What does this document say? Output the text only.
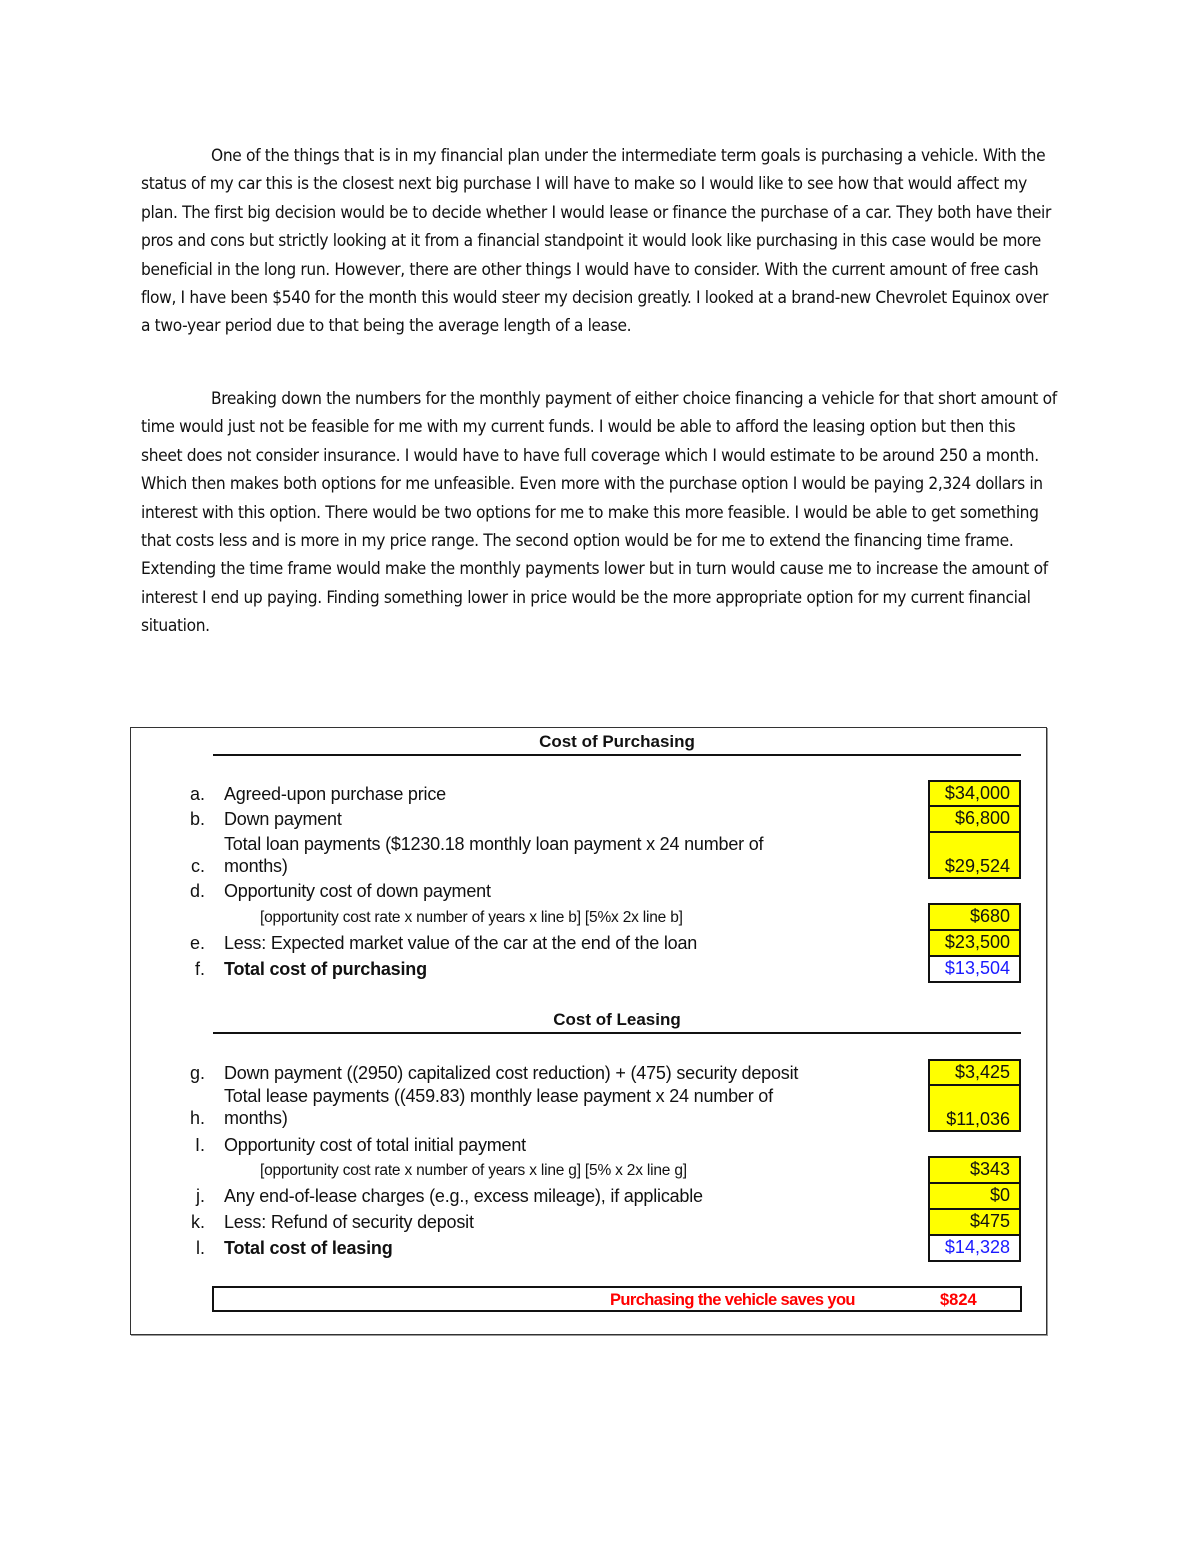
One of the things that is in my financial plan under the intermediate term goals is purchasing a vehicle. With the status of my car this is the closest next big purchase I will have to make so I would like to see how that would affect my plan. The first big decision would be to decide whether I would lease or finance the purchase of a car. They both have their pros and cons but strictly looking at it from a financial standpoint it would look like purchasing in this case would be more beneficial in the long run. However, there are other things I would have to consider. With the current amount of free cash flow, I have been $540 for the month this would steer my decision greatly. I looked at a brand-new Chevrolet Equinox over a two-year period due to that being the average length of a lease.

Breaking down the numbers for the monthly payment of either choice financing a vehicle for that short amount of time would just not be feasible for me with my current funds. I would be able to afford the leasing option but then this sheet does not consider insurance. I would have to have full coverage which I would estimate to be around 250 a month. Which then makes both options for me unfeasible. Even more with the purchase option I would be paying 2,324 dollars in interest with this option. There would be two options for me to make this more feasible. I would be able to get something that costs less and is more in my price range. The second option would be for me to extend the financing time frame. Extending the time frame would make the monthly payments lower but in turn would cause me to increase the amount of interest I end up paying. Finding something lower in price would be the more appropriate option for my current financial situation.

Cost of Purchasing
a. Agreed-upon purchase price	$34,000
b. Down payment	$6,800
c.
Total loan payments ($1230.18 monthly loan payment x 24 number of
months)	$29,524
d. Opportunity cost of down payment
[opportunity cost rate x number of years x line b] [5%x 2x line b]	$680
e. Less: Expected market value of the car at the end of the loan	$23,500
f. Total cost of purchasing	$13,504
Cost of Leasing
g. Down payment ((2950) capitalized cost reduction) + (475) security deposit	$3,425
h.
Total lease payments ((459.83) monthly lease payment x 24 number of
months)	$11,036
I. Opportunity cost of total initial payment
[opportunity cost rate x number of years x line g] [5% x 2x line g]	$343
j. Any end-of-lease charges (e.g., excess mileage), if applicable	$0
k. Less: Refund of security deposit	$475
l. Total cost of leasing	$14,328
Purchasing the vehicle saves you	$824
